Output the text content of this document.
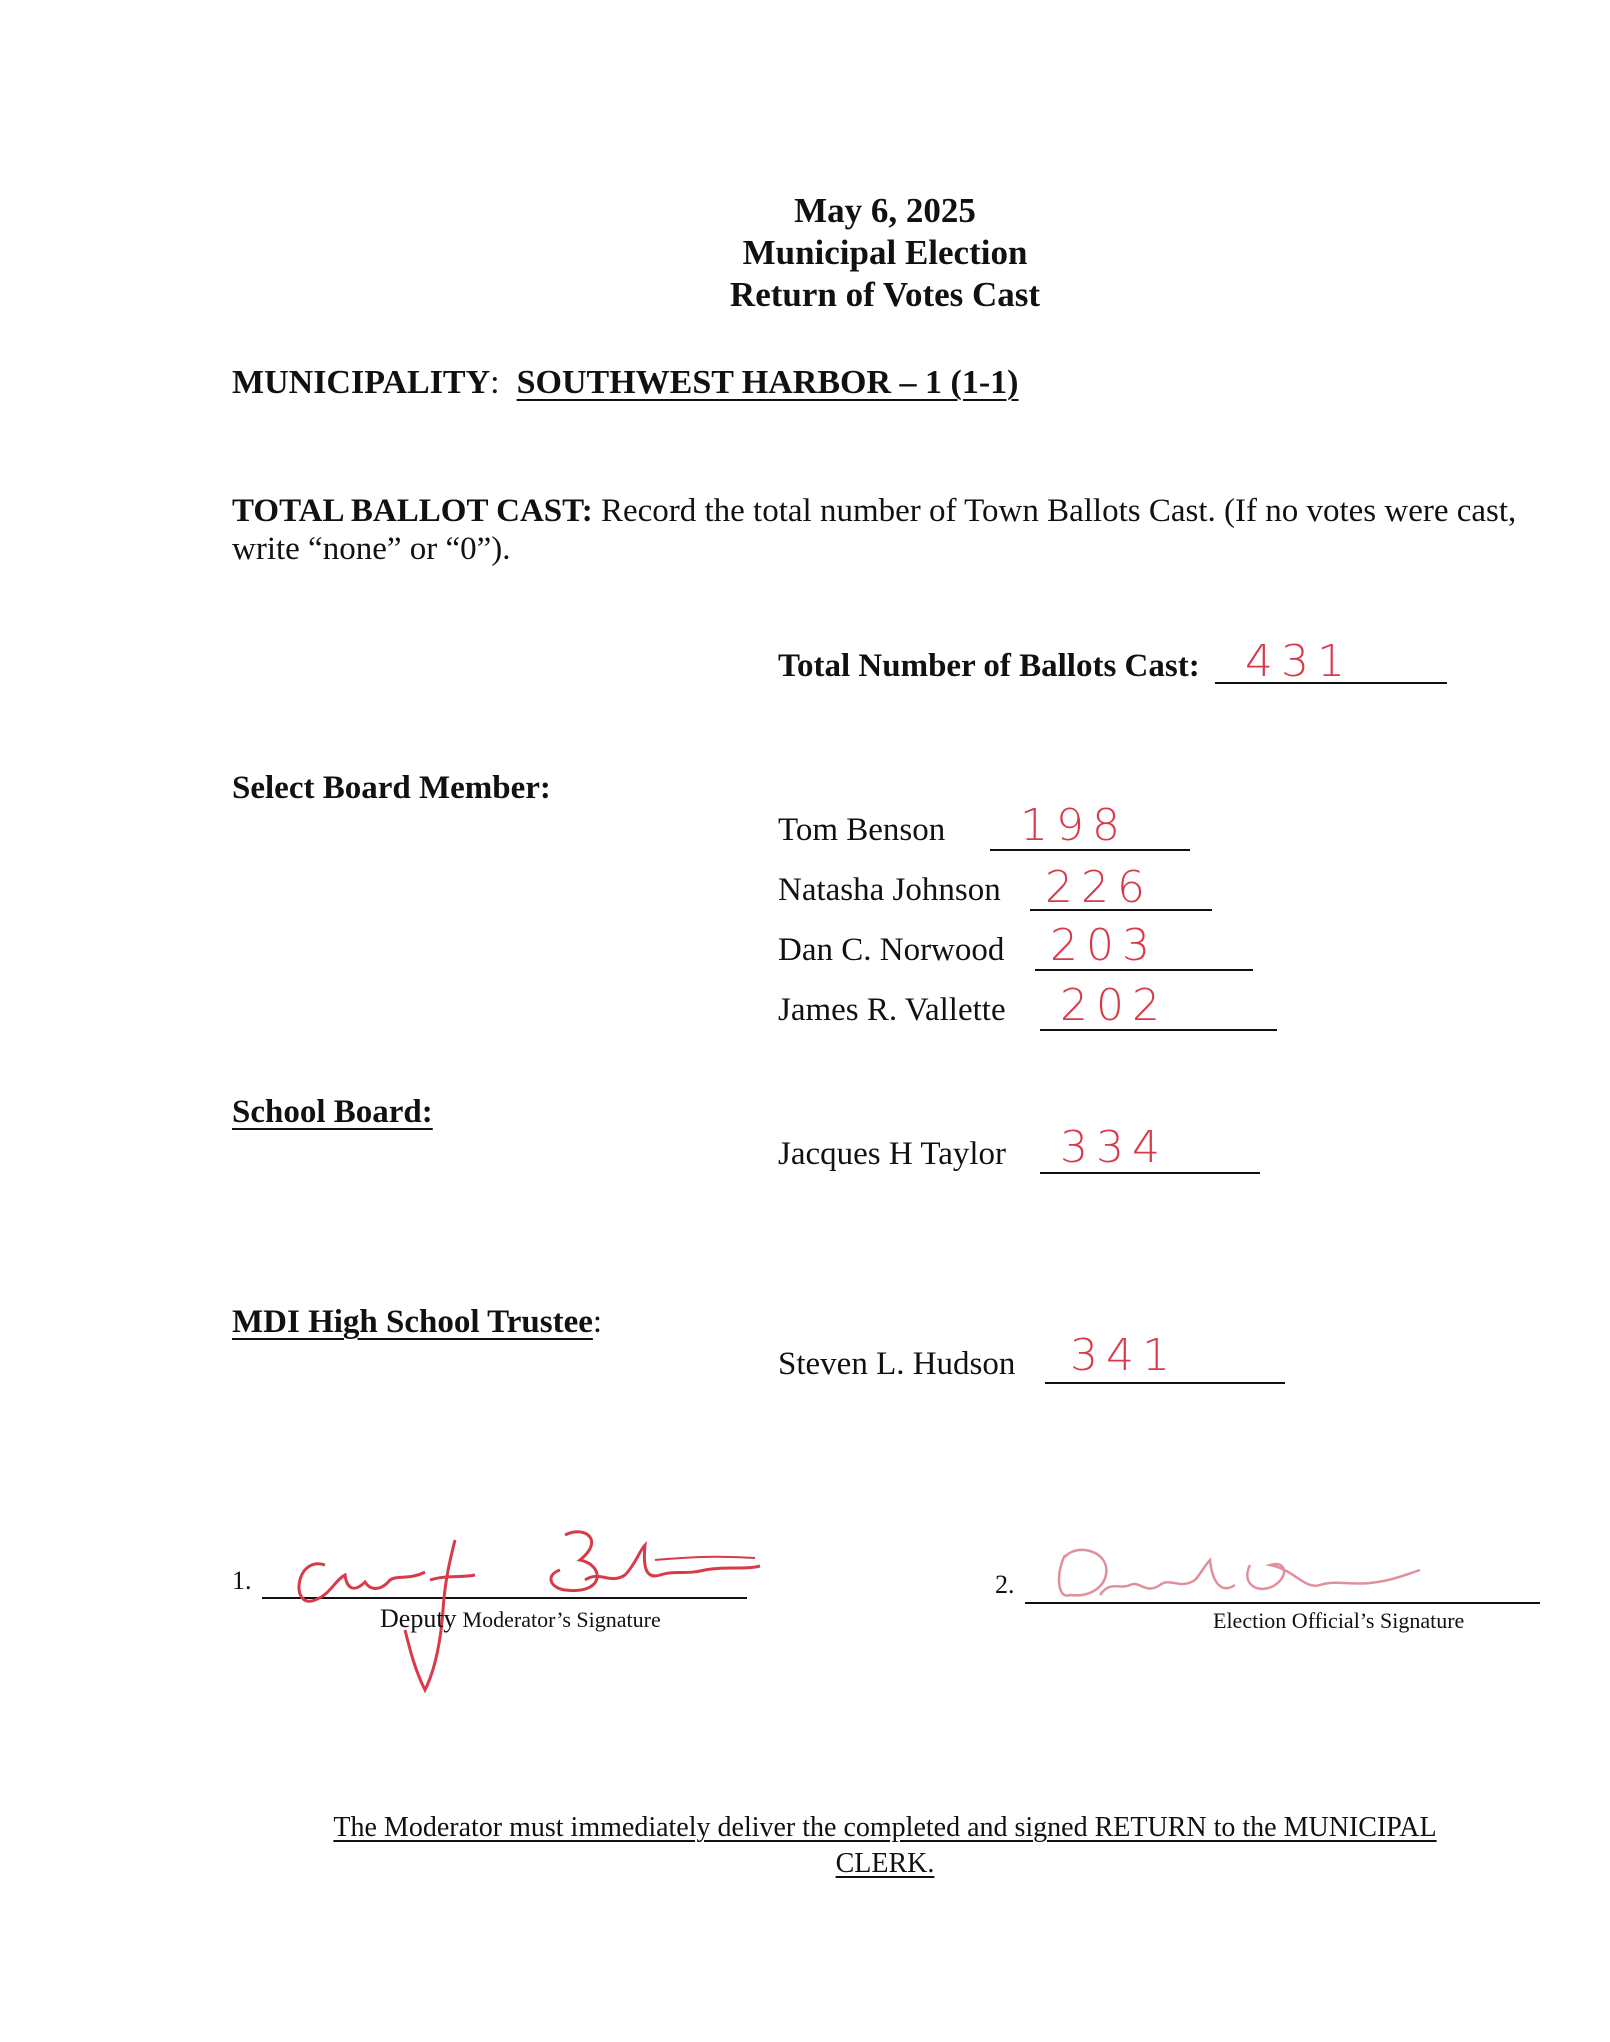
May 6, 2025
Municipal Election
Return of Votes Cast
MUNICIPALITY: SOUTHWEST HARBOR – 1 (1-1)
TOTAL BALLOT CAST: Record the total number of Town Ballots Cast. (If no votes were cast, write “none” or “0”).
Total Number of Ballots Cast: 431
Select Board Member:
Tom Benson 198
Natasha Johnson 226
Dan C. Norwood 203
James R. Vallette 202
School Board:
Jacques H Taylor 334
MDI High School Trustee:
Steven L. Hudson 341
1.
Deputy Moderator’s Signature
2.
Election Official’s Signature
The Moderator must immediately deliver the completed and signed RETURN to the MUNICIPAL
CLERK.
